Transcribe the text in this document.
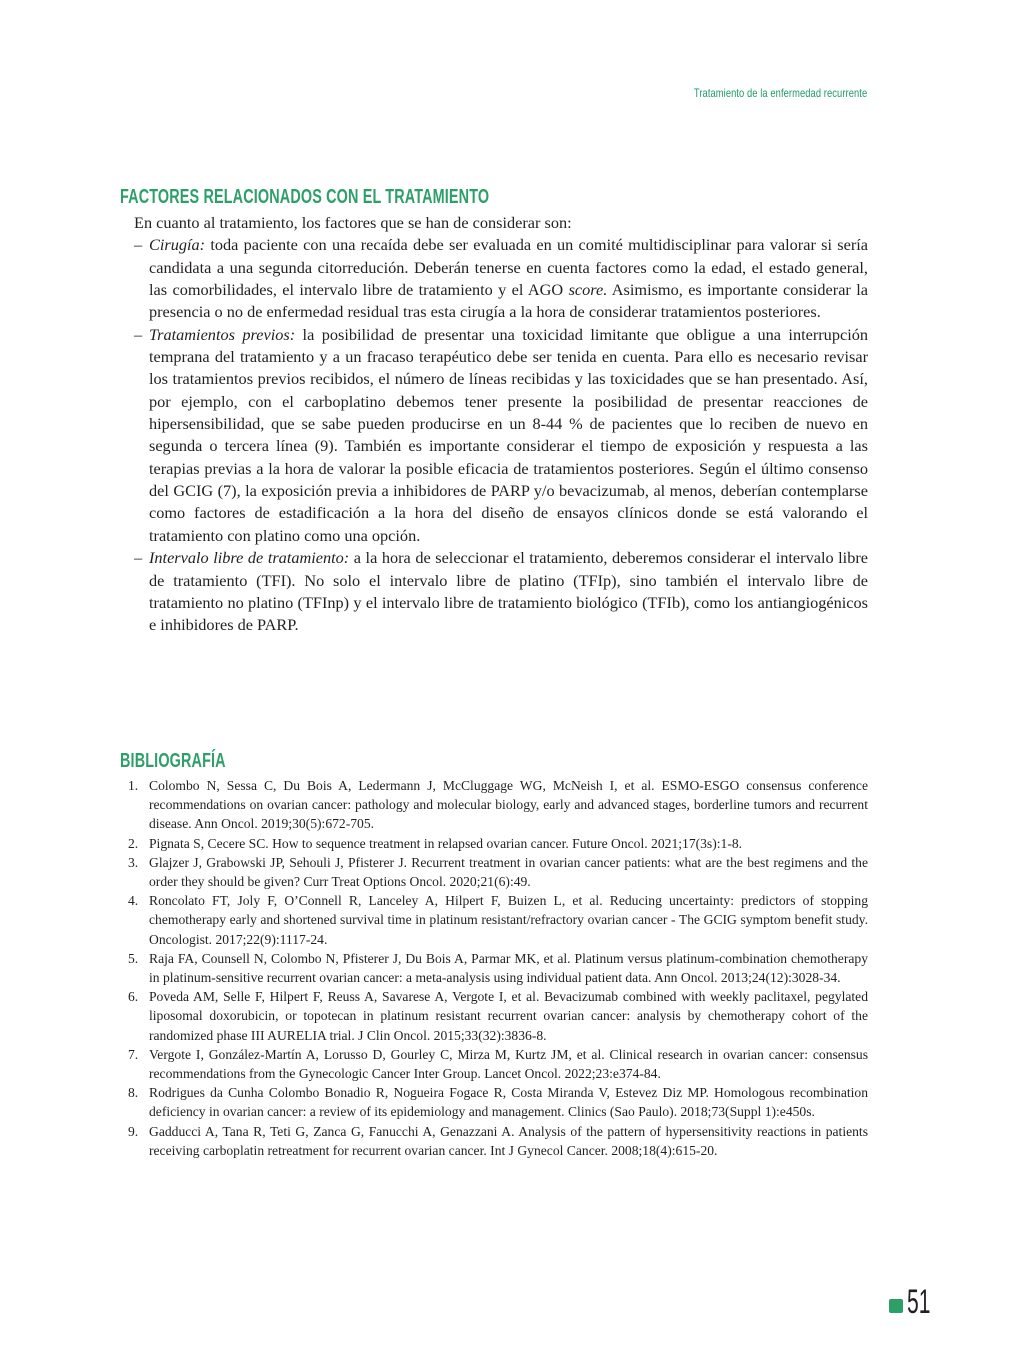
Tratamiento de la enfermedad recurrente
FACTORES RELACIONADOS CON EL TRATAMIENTO

En cuanto al tratamiento, los factores que se han de considerar son:

– Cirugía: toda paciente con una recaída debe ser evaluada en un comité multidisciplinar para valorar si sería candidata a una segunda citorredución. Deberán tenerse en cuenta factores como la edad, el estado general, las comorbilidades, el intervalo libre de tratamiento y el AGO score. Asimismo, es importante considerar la presencia o no de enfermedad residual tras esta cirugía a la hora de considerar tratamientos posteriores.

– Tratamientos previos: la posibilidad de presentar una toxicidad limitante que obligue a una interrupción temprana del tratamiento y a un fracaso terapéutico debe ser tenida en cuenta. Para ello es necesario revisar los tratamientos previos recibidos, el número de líneas recibidas y las toxicidades que se han presentado. Así, por ejemplo, con el carboplatino debemos tener presente la posibilidad de presentar reacciones de hipersensibilidad, que se sabe pueden producirse en un 8-44 % de pacientes que lo reciben de nuevo en segunda o tercera línea (9). También es importante considerar el tiempo de exposición y respuesta a las terapias previas a la hora de valorar la posible eficacia de tratamientos posteriores. Según el último consenso del GCIG (7), la exposición previa a inhibidores de PARP y/o bevacizumab, al menos, deberían contemplarse como factores de estadificación a la hora del diseño de ensayos clínicos donde se está valorando el tratamiento con platino como una opción.

– Intervalo libre de tratamiento: a la hora de seleccionar el tratamiento, deberemos considerar el intervalo libre de tratamiento (TFI). No solo el intervalo libre de platino (TFIp), sino también el intervalo libre de tratamiento no platino (TFInp) y el intervalo libre de tratamiento biológico (TFIb), como los antiangiogénicos e inhibidores de PARP.

BIBLIOGRAFÍA
1. Colombo N, Sessa C, Du Bois A, Ledermann J, McCluggage WG, McNeish I, et al. ESMO-ESGO consensus conference recommendations on ovarian cancer: pathology and molecular biology, early and advanced stages, borderline tumors and recurrent disease. Ann Oncol. 2019;30(5):672-705.
2. Pignata S, Cecere SC. How to sequence treatment in relapsed ovarian cancer. Future Oncol. 2021;17(3s):1-8.
3. Glajzer J, Grabowski JP, Sehouli J, Pfisterer J. Recurrent treatment in ovarian cancer patients: what are the best regimens and the order they should be given? Curr Treat Options Oncol. 2020;21(6):49.
4. Roncolato FT, Joly F, O’Connell R, Lanceley A, Hilpert F, Buizen L, et al. Reducing uncertainty: predictors of stopping chemotherapy early and shortened survival time in platinum resistant/refractory ovarian cancer - The GCIG symptom benefit study. Oncologist. 2017;22(9):1117-24.
5. Raja FA, Counsell N, Colombo N, Pfisterer J, Du Bois A, Parmar MK, et al. Platinum versus platinum-combination chemotherapy in platinum-sensitive recurrent ovarian cancer: a meta-analysis using individual patient data. Ann Oncol. 2013;24(12):3028-34.
6. Poveda AM, Selle F, Hilpert F, Reuss A, Savarese A, Vergote I, et al. Bevacizumab combined with weekly paclitaxel, pegylated liposomal doxorubicin, or topotecan in platinum resistant recurrent ovarian cancer: analysis by chemotherapy cohort of the randomized phase III AURELIA trial. J Clin Oncol. 2015;33(32):3836-8.
7. Vergote I, González-Martín A, Lorusso D, Gourley C, Mirza M, Kurtz JM, et al. Clinical research in ovarian cancer: consensus recommendations from the Gynecologic Cancer Inter Group. Lancet Oncol. 2022;23:e374-84.
8. Rodrigues da Cunha Colombo Bonadio R, Nogueira Fogace R, Costa Miranda V, Estevez Diz MP. Homologous recombination deficiency in ovarian cancer: a review of its epidemiology and management. Clinics (Sao Paulo). 2018;73(Suppl 1):e450s.
9. Gadducci A, Tana R, Teti G, Zanca G, Fanucchi A, Genazzani A. Analysis of the pattern of hypersensitivity reactions in patients receiving carboplatin retreatment for recurrent ovarian cancer. Int J Gynecol Cancer. 2008;18(4):615-20.
51
